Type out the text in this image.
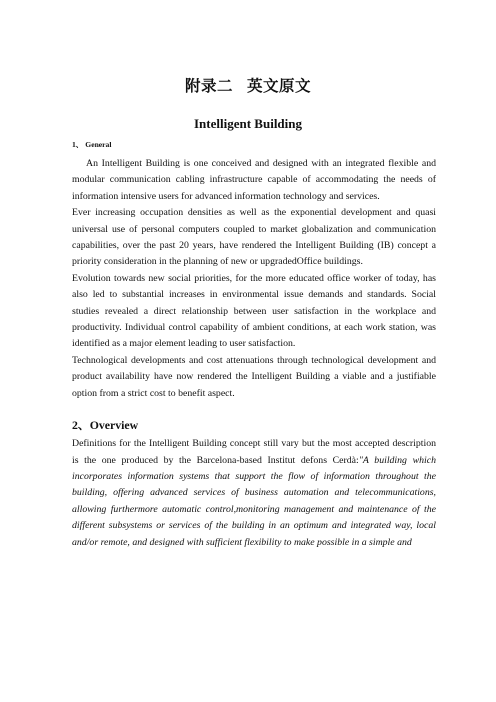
附录二 英文原文
Intelligent Building
1、 General

An Intelligent Building is one conceived and designed with an integrated flexible and modular communication cabling infrastructure capable of accommodating the needs of information intensive users for advanced information technology and services.

Ever increasing occupation densities as well as the exponential development and quasi universal use of personal computers coupled to market globalization and communication capabilities, over the past 20 years, have rendered the Intelligent Building (IB) concept a priority consideration in the planning of new or upgradedOffice buildings.

Evolution towards new social priorities, for the more educated office worker of today, has also led to substantial increases in environmental issue demands and standards. Social studies revealed a direct relationship between user satisfaction in the workplace and productivity. Individual control capability of ambient conditions, at each work station, was identified as a major element leading to user satisfaction.

Technological developments and cost attenuations through technological development and product availability have now rendered the Intelligent Building a viable and a justifiable option from a strict cost to benefit aspect.

2、Overview

Definitions for the Intelligent Building concept still vary but the most accepted description is the one produced by the Barcelona-based Institut defons Cerdà:"A building which incorporates information systems that support the flow of information throughout the building, offering advanced services of business automation and telecommunications, allowing furthermore automatic control,monitoring management and maintenance of the different subsystems or services of the building in an optimum and integrated way, local and/or remote, and designed with sufficient flexibility to make possible in a simple and
